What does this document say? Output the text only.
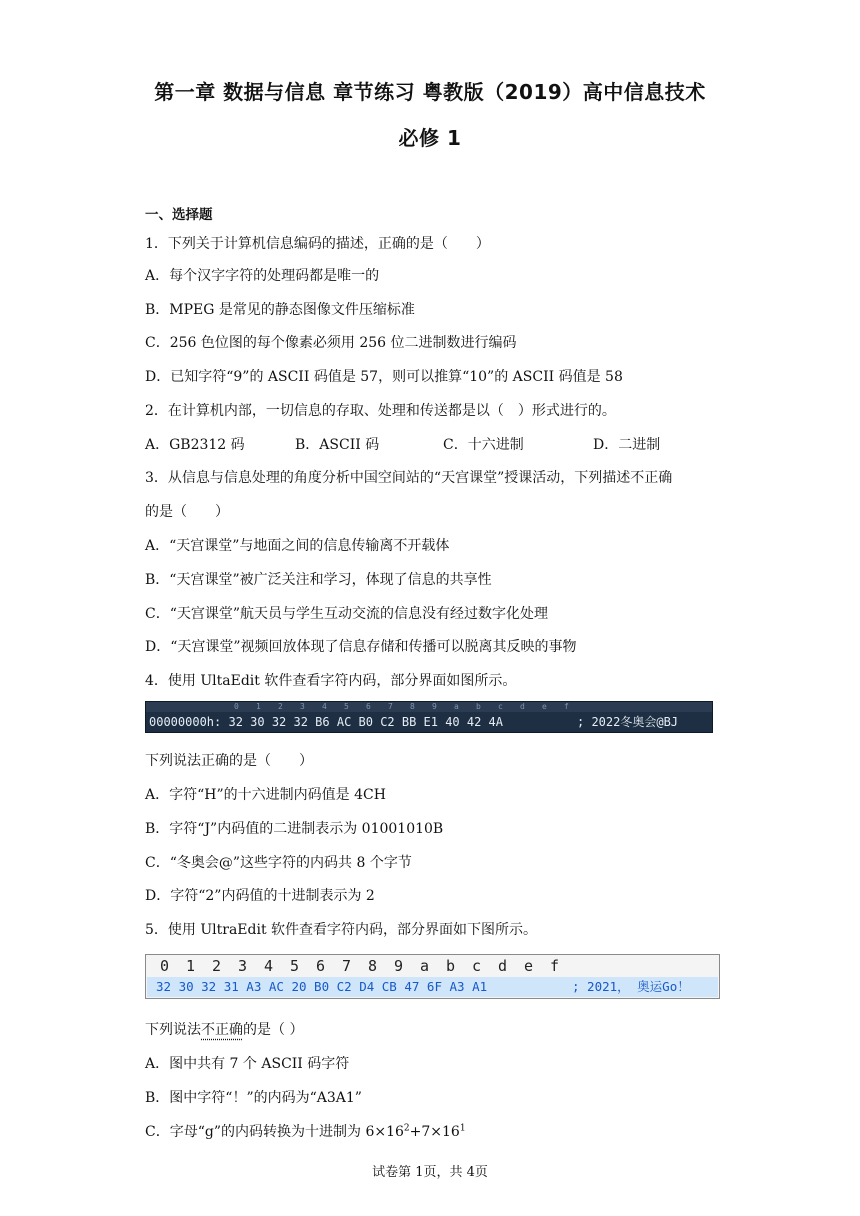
第一章 数据与信息 章节练习 粤教版（2019）高中信息技术
必修 1
一、选择题
1．下列关于计算机信息编码的描述，正确的是（　　）
A．每个汉字字符的处理码都是唯一的
B．MPEG 是常见的静态图像文件压缩标准
C．256 色位图的每个像素必须用 256 位二进制数进行编码
D．已知字符“9”的 ASCII 码值是 57，则可以推算“10”的 ASCII 码值是 58
2．在计算机内部，一切信息的存取、处理和传送都是以（　）形式进行的。
A．GB2312 码	B．ASCII 码	C．十六进制	D．二进制
3．从信息与信息处理的角度分析中国空间站的“天宫课堂”授课活动，下列描述不正确
的是（　　）
A．“天宫课堂”与地面之间的信息传输离不开载体
B．“天宫课堂”被广泛关注和学习，体现了信息的共享性
C．“天宫课堂”航天员与学生互动交流的信息没有经过数字化处理
D．“天宫课堂”视频回放体现了信息存储和传播可以脱离其反映的事物
4．使用 UltaEdit 软件查看字符内码，部分界面如图所示。
0 1 2 3 4 5 6 7 8 9 a b c d e f
00000000h: 32 30 32 32 B6 AC B0 C2 BB E1 40 42 4A	; 2022冬奥会@BJ
下列说法正确的是（　　）
A．字符“H”的十六进制内码值是 4CH
B．字符“J”内码值的二进制表示为 01001010B
C．“冬奥会@”这些字符的内码共 8 个字节
D．字符“2”内码值的十进制表示为 2
5．使用 UltraEdit 软件查看字符内码，部分界面如下图所示。
0 1 2 3 4 5 6 7 8 9 a b c d e f

32 30 32 31 A3 AC 20 B0 C2 D4 CB 47 6F A3 A1

	; 2021， 奥运Go！

下列说法不正确的是（ ）
A．图中共有 7 个 ASCII 码字符
B．图中字符“！”的内码为“A3A1”
C．字母“g”的内码转换为十进制为 $6\times 16^2+7\times 16^1$
试卷第 1页，共 4页
